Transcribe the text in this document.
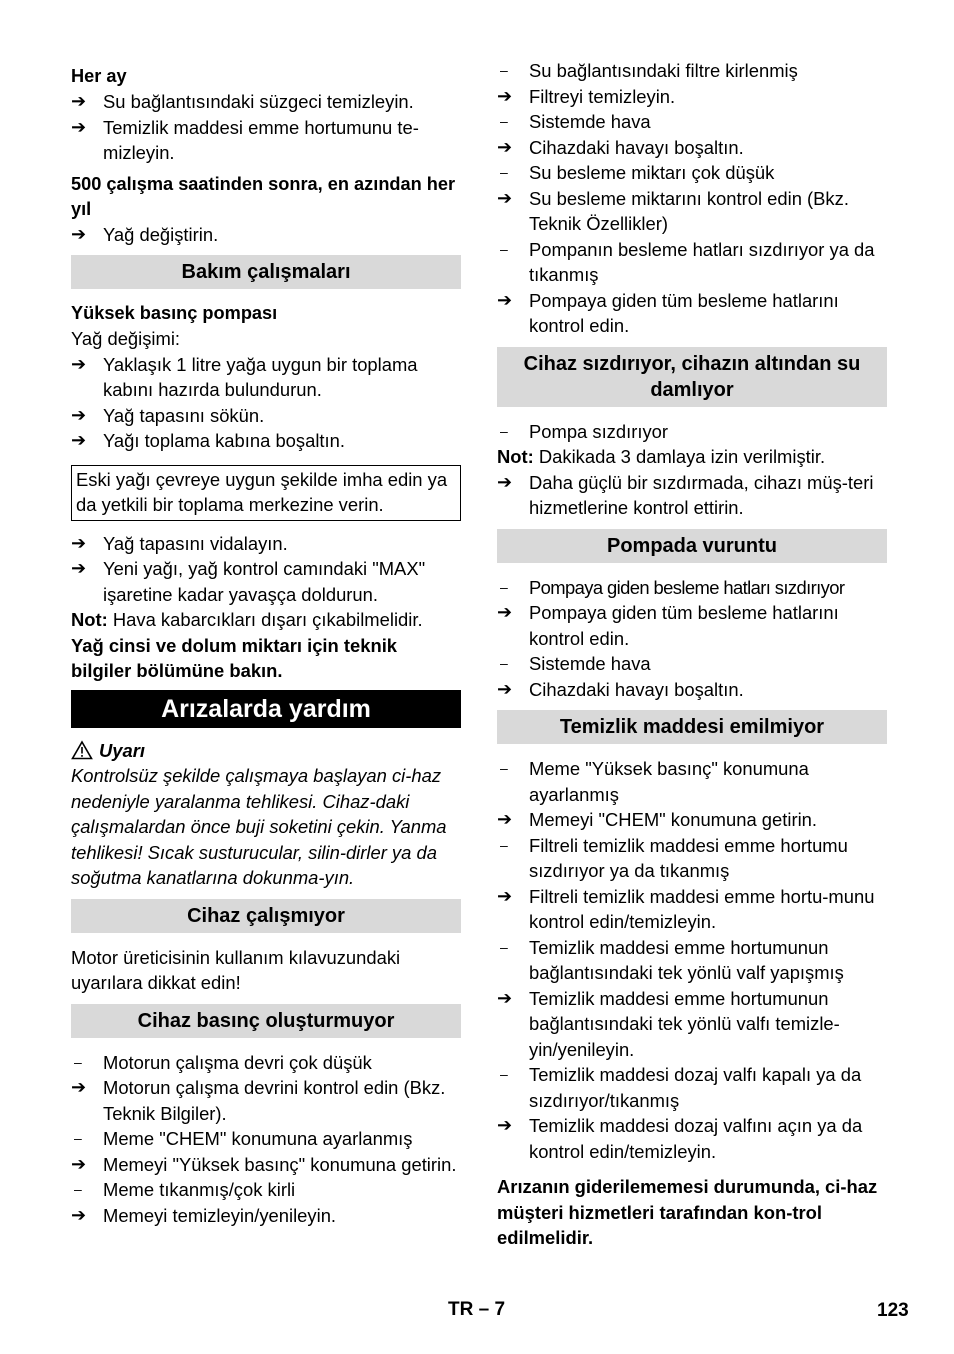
Her ay
➔ Su bağlantısındaki süzgeci temizleyin.
➔ Temizlik maddesi emme hortumunu te-mizleyin.
500 çalışma saatinden sonra, en azından her yıl
➔ Yağ değiştirin.
Bakım çalışmaları
Yüksek basınç pompası
Yağ değişimi:
➔ Yaklaşık 1 litre yağa uygun bir toplama kabını hazırda bulundurun.
➔ Yağ tapasını sökün.
➔ Yağı toplama kabına boşaltın.
Eski yağı çevreye uygun şekilde imha edin ya da yetkili bir toplama merkezine verin.
➔ Yağ tapasını vidalayın.
➔ Yeni yağı, yağ kontrol camındaki "MAX" işaretine kadar yavaşça doldurun.
Not: Hava kabarcıkları dışarı çıkabilmelidir.
Yağ cinsi ve dolum miktarı için teknik bilgiler bölümüne bakın.
Arızalarda yardım
Uyarı
Kontrolsüz şekilde çalışmaya başlayan ci-haz nedeniyle yaralanma tehlikesi. Cihaz-daki çalışmalardan önce buji soketini çekin. Yanma tehlikesi! Sıcak susturucular, silin-dirler ya da soğutma kanatlarına dokunma-yın.
Cihaz çalışmıyor
Motor üreticisinin kullanım kılavuzundaki uyarılara dikkat edin!
Cihaz basınç oluşturmuyor
–	Motorun çalışma devri çok düşük
➔ Motorun çalışma devrini kontrol edin (Bkz. Teknik Bilgiler).
–	Meme "CHEM" konumuna ayarlanmış
➔ Memeyi "Yüksek basınç" konumuna getirin.
–	Meme tıkanmış/çok kirli
➔ Memeyi temizleyin/yenileyin.
–	Su bağlantısındaki filtre kirlenmiş
➔ Filtreyi temizleyin.
–	Sistemde hava
➔ Cihazdaki havayı boşaltın.
–	Su besleme miktarı çok düşük
➔ Su besleme miktarını kontrol edin (Bkz. Teknik Özellikler)
–	Pompanın besleme hatları sızdırıyor ya da tıkanmış
➔ Pompaya giden tüm besleme hatlarını kontrol edin.
Cihaz sızdırıyor, cihazın altından su damlıyor
–	Pompa sızdırıyor
Not: Dakikada 3 damlaya izin verilmiştir.
➔ Daha güçlü bir sızdırmada, cihazı müş-teri hizmetlerine kontrol ettirin.
Pompada vuruntu
–	Pompaya giden besleme hatları sızdırıyor
➔ Pompaya giden tüm besleme hatlarını kontrol edin.
–	Sistemde hava
➔ Cihazdaki havayı boşaltın.
Temizlik maddesi emilmiyor
–	Meme "Yüksek basınç" konumuna ayarlanmış
➔ Memeyi "CHEM" konumuna getirin.
–	Filtreli temizlik maddesi emme hortumu sızdırıyor ya da tıkanmış
➔ Filtreli temizlik maddesi emme hortu-munu kontrol edin/temizleyin.
–	Temizlik maddesi emme hortumunun bağlantısındaki tek yönlü valf yapışmış
➔ Temizlik maddesi emme hortumunun bağlantısındaki tek yönlü valfı temizle-yin/yenileyin.
–	Temizlik maddesi dozaj valfı kapalı ya da sızdırıyor/tıkanmış
➔ Temizlik maddesi dozaj valfını açın ya da kontrol edin/temizleyin.
Arızanın giderilememesi durumunda, ci-haz müşteri hizmetleri tarafından kon-trol edilmelidir.
TR – 7	123
